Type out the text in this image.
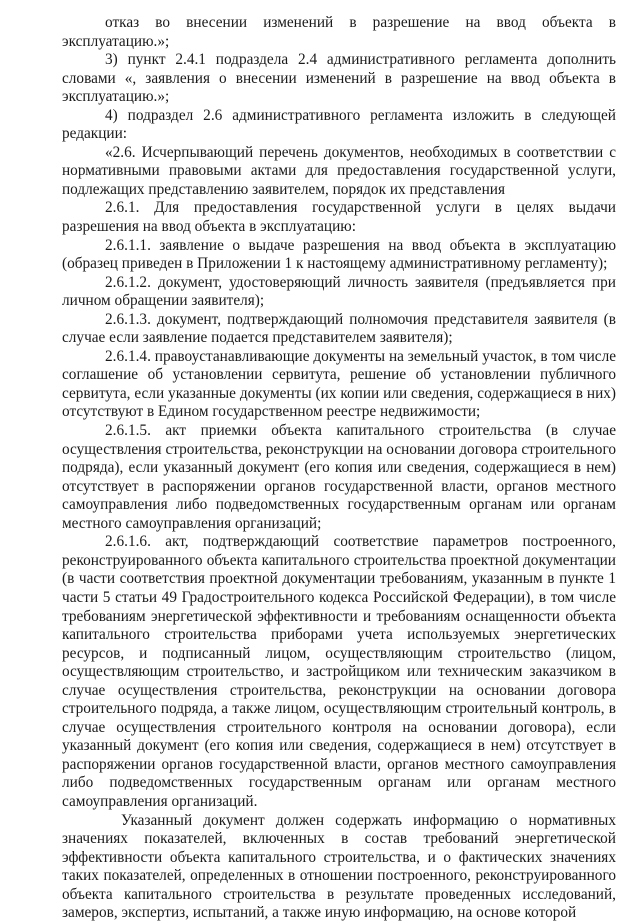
отказ во внесении изменений в разрешение на ввод объекта в эксплуатацию.»;

3) пункт 2.4.1 подраздела 2.4 административного регламента дополнить словами «, заявления о внесении изменений в разрешение на ввод объекта в эксплуатацию.»;

4) подраздел 2.6 административного регламента изложить в следующей редакции:

«2.6. Исчерпывающий перечень документов, необходимых в соответствии с нормативными правовыми актами для предоставления государственной услуги, подлежащих представлению заявителем, порядок их представления

2.6.1. Для предоставления государственной услуги в целях выдачи разрешения на ввод объекта в эксплуатацию:

2.6.1.1. заявление о выдаче разрешения на ввод объекта в эксплуатацию (образец приведен в Приложении 1 к настоящему административному регламенту);

2.6.1.2. документ, удостоверяющий личность заявителя (предъявляется при личном обращении заявителя);

2.6.1.3. документ, подтверждающий полномочия представителя заявителя (в случае если заявление подается представителем заявителя);

2.6.1.4. правоустанавливающие документы на земельный участок, в том числе соглашение об установлении сервитута, решение об установлении публичного сервитута, если указанные документы (их копии или сведения, содержащиеся в них) отсутствуют в Едином государственном реестре недвижимости;

2.6.1.5. акт приемки объекта капитального строительства (в случае осуществления строительства, реконструкции на основании договора строительного подряда), если указанный документ (его копия или сведения, содержащиеся в нем) отсутствует в распоряжении органов государственной власти, органов местного самоуправления либо подведомственных государственным органам или органам местного самоуправления организаций;

2.6.1.6. акт, подтверждающий соответствие параметров построенного, реконструированного объекта капитального строительства проектной документации (в части соответствия проектной документации требованиям, указанным в пункте 1 части 5 статьи 49 Градостроительного кодекса Российской Федерации), в том числе требованиям энергетической эффективности и требованиям оснащенности объекта капитального строительства приборами учета используемых энергетических ресурсов, и подписанный лицом, осуществляющим строительство (лицом, осуществляющим строительство, и застройщиком или техническим заказчиком в случае осуществления строительства, реконструкции на основании договора строительного подряда, а также лицом, осуществляющим строительный контроль, в случае осуществления строительного контроля на основании договора), если указанный документ (его копия или сведения, содержащиеся в нем) отсутствует в распоряжении органов государственной власти, органов местного самоуправления либо подведомственных государственным органам или органам местного самоуправления организаций.

Указанный документ должен содержать информацию о нормативных значениях показателей, включенных в состав требований энергетической эффективности объекта капитального строительства, и о фактических значениях таких показателей, определенных в отношении построенного, реконструированного объекта капитального строительства в результате проведенных исследований, замеров, экспертиз, испытаний, а также иную информацию, на основе которой
